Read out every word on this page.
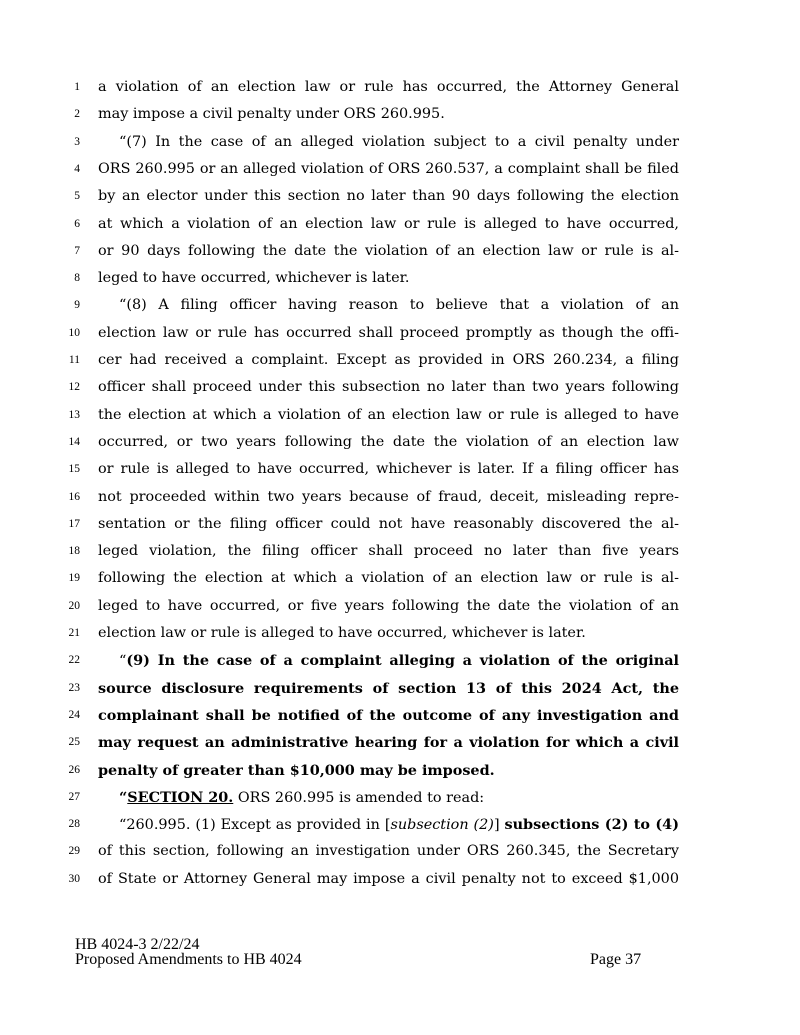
1 a violation of an election law or rule has occurred, the Attorney General
2 may impose a civil penalty under ORS 260.995.
3	“(7) In the case of an alleged violation subject to a civil penalty under
4 ORS 260.995 or an alleged violation of ORS 260.537, a complaint shall be filed
5 by an elector under this section no later than 90 days following the election
6 at which a violation of an election law or rule is alleged to have occurred,
7 or 90 days following the date the violation of an election law or rule is al-
8 leged to have occurred, whichever is later.
9	“(8) A filing officer having reason to believe that a violation of an
10 election law or rule has occurred shall proceed promptly as though the offi-
11 cer had received a complaint. Except as provided in ORS 260.234, a filing
12 officer shall proceed under this subsection no later than two years following
13 the election at which a violation of an election law or rule is alleged to have
14 occurred, or two years following the date the violation of an election law
15 or rule is alleged to have occurred, whichever is later. If a filing officer has
16 not proceeded within two years because of fraud, deceit, misleading repre-
17 sentation or the filing officer could not have reasonably discovered the al-
18 leged violation, the filing officer shall proceed no later than five years
19 following the election at which a violation of an election law or rule is al-
20 leged to have occurred, or five years following the date the violation of an
21 election law or rule is alleged to have occurred, whichever is later.
22	“(9) In the case of a complaint alleging a violation of the original
23 source disclosure requirements of section 13 of this 2024 Act, the
24 complainant shall be notified of the outcome of any investigation and
25 may request an administrative hearing for a violation for which a civil
26 penalty of greater than $10,000 may be imposed.
27	“SECTION 20. ORS 260.995 is amended to read:
28	“260.995. (1) Except as provided in [subsection (2)] subsections (2) to (4)
29 of this section, following an investigation under ORS 260.345, the Secretary
30 of State or Attorney General may impose a civil penalty not to exceed $1,000
HB 4024-3 2/22/24
Proposed Amendments to HB 4024	Page 37
